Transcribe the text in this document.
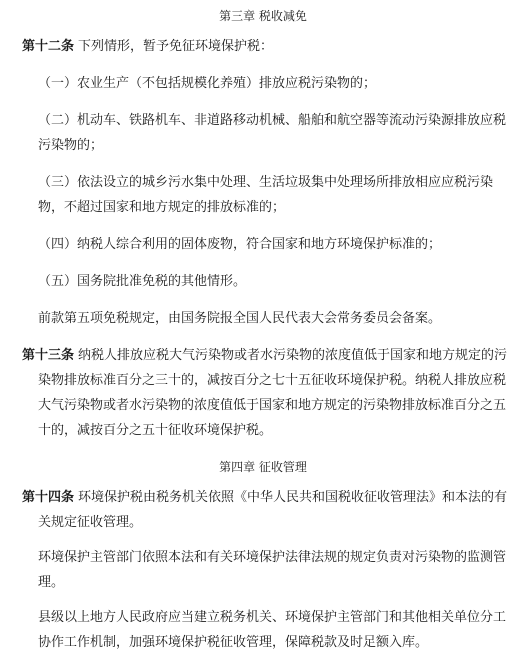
第三章 税收减免

第十二条 下列情形，暂予免征环境保护税：

（一）农业生产（不包括规模化养殖）排放应税污染物的；

（二）机动车、铁路机车、非道路移动机械、船舶和航空器等流动污染源排放应税污染物的；

（三）依法设立的城乡污水集中处理、生活垃圾集中处理场所排放相应应税污染物，不超过国家和地方规定的排放标准的；

（四）纳税人综合利用的固体废物，符合国家和地方环境保护标准的；

（五）国务院批准免税的其他情形。

前款第五项免税规定，由国务院报全国人民代表大会常务委员会备案。

第十三条 纳税人排放应税大气污染物或者水污染物的浓度值低于国家和地方规定的污染物排放标准百分之三十的，减按百分之七十五征收环境保护税。纳税人排放应税大气污染物或者水污染物的浓度值低于国家和地方规定的污染物排放标准百分之五十的，减按百分之五十征收环境保护税。

第四章 征收管理

第十四条 环境保护税由税务机关依照《中华人民共和国税收征收管理法》和本法的有关规定征收管理。

环境保护主管部门依照本法和有关环境保护法律法规的规定负责对污染物的监测管理。

县级以上地方人民政府应当建立税务机关、环境保护主管部门和其他相关单位分工协作工作机制，加强环境保护税征收管理，保障税款及时足额入库。
